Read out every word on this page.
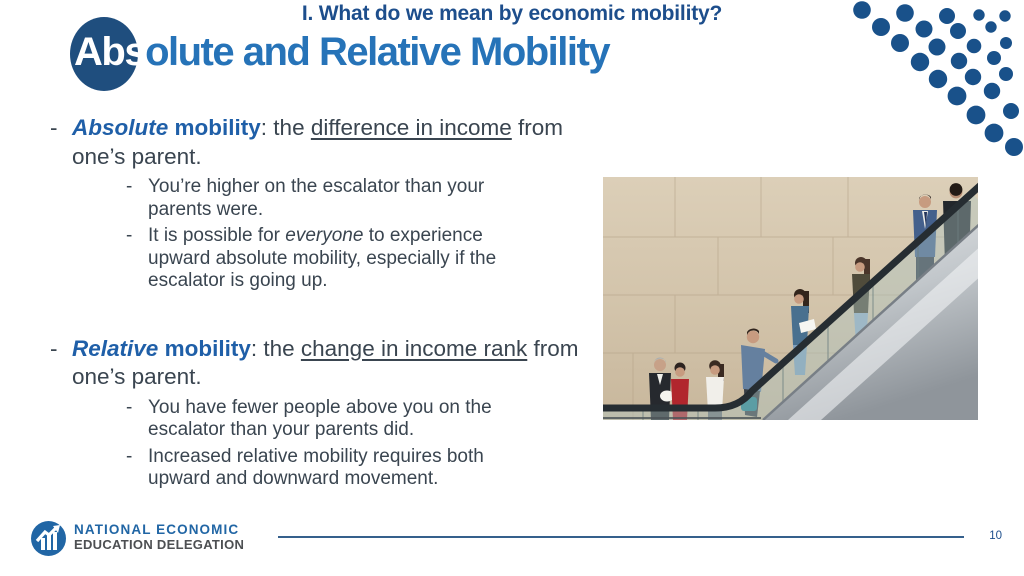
I. What do we mean by economic mobility?
Absolute and Relative Mobility
- Absolute mobility: the difference in income from one’s parent.
- You’re higher on the escalator than your parents were.
- It is possible for everyone to experience upward absolute mobility, especially if the escalator is going up.
- Relative mobility: the change in income rank from one’s parent.
- You have fewer people above you on the escalator than your parents did.
- Increased relative mobility requires both upward and downward movement.
NATIONAL ECONOMIC
EDUCATION DELEGATION
10
